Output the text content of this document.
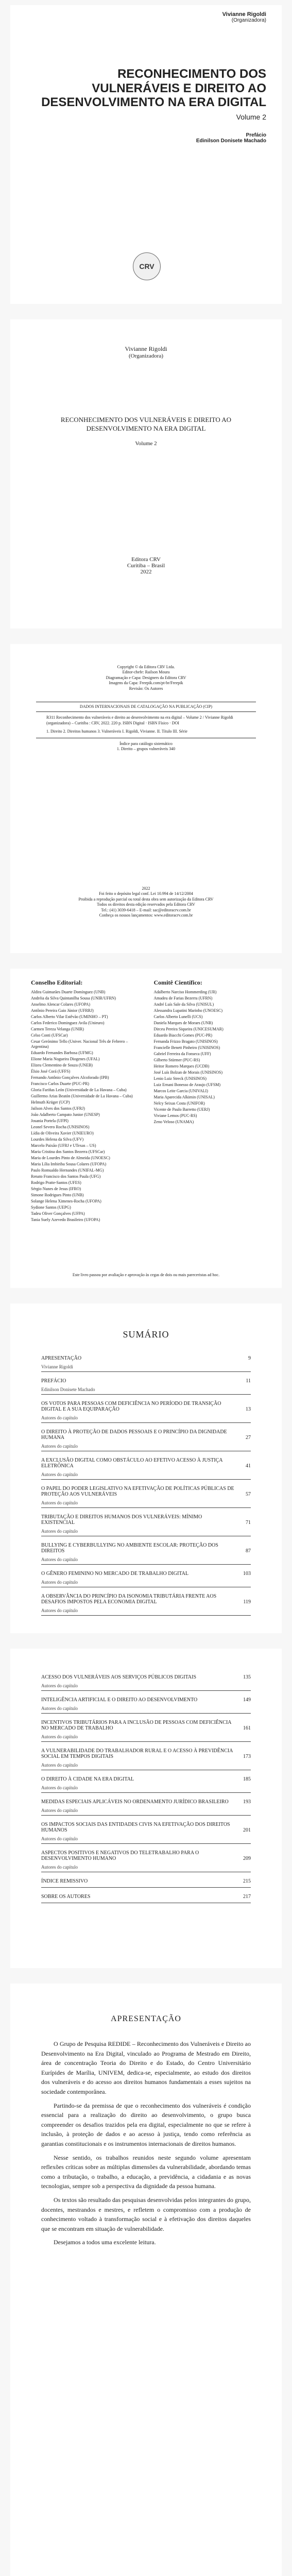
Vivianne Rigoldi
(Organizadora)
RECONHECIMENTO DOS VULNERÁVEIS E DIREITO AO DESENVOLVIMENTO NA ERA DIGITAL
Volume 2
Prefácio
Edinilson Donisete Machado
CRV
Vivianne Rigoldi
(Organizadora)
RECONHECIMENTO DOS VULNERÁVEIS E DIREITO AO DESENVOLVIMENTO NA ERA DIGITAL
Volume 2
Editora CRV
Curitiba – Brasil
2022
Copyright © da Editora CRV Ltda.
Editor-chefe: Railson Moura
Diagramação e Capa: Designers da Editora CRV
Imagens da Capa: Freepik.com/pt-br/Freepik
Revisão: Os Autores
DADOS INTERNACIONAIS DE CATALOGAÇÃO NA PUBLICAÇÃO (CIP)
R311 Reconhecimento dos vulneráveis e direito ao desenvolvimento na era digital – Volume 2 / Vivianne Rigoldi (organizadora) – Curitiba : CRV, 2022. 220 p. ISBN Digital · ISBN Físico · DOI
1. Direito 2. Direitos humanos 3. Vulneráveis I. Rigoldi, Vivianne. II. Título III. Série
Índice para catálogo sistemático
1. Direito – grupos vulneráveis 340
2022
Foi feito o depósito legal conf. Lei 10.994 de 14/12/2004
Proibida a reprodução parcial ou total desta obra sem autorização da Editora CRV
Todos os direitos desta edição reservados pela Editora CRV
Tel.: (41) 3039-6418 – E-mail: sac@editoracrv.com.br
Conheça os nossos lançamentos: www.editoracrv.com.br
Conselho Editorial:
Aldira Guimarães Duarte Domínguez (UNB)
Andréia da Silva Quintanilha Sousa (UNIR/UFRN)
Anselmo Alencar Colares (UFOPA)
Antônio Pereira Gaio Júnior (UFRRJ)
Carlos Alberto Vilar Estêvão (UMINHO – PT)
Carlos Federico Dominguez Avila (Unieuro)
Carmen Tereza Velanga (UNIR)
Celso Conti (UFSCar)
Cesar Gerónimo Tello (Univer. Nacional Três de Febrero – Argentina)
Eduardo Fernandes Barbosa (UFMG)
Elione Maria Nogueira Diogenes (UFAL)
Elizeu Clementino de Souza (UNEB)
Élsio José Corá (UFFS)
Fernando Antônio Gonçalves Alcoforado (IPB)
Francisco Carlos Duarte (PUC-PR)
Gloria Fariñas León (Universidade de La Havana – Cuba)
Guillermo Arias Beatón (Universidade de La Havana – Cuba)
Helmuth Krüger (UCP)
Jailson Alves dos Santos (UFRJ)
João Adalberto Campato Junior (UNESP)
Josania Portela (UFPI)
Leonel Severo Rocha (UNISINOS)
Lídia de Oliveira Xavier (UNIEURO)
Lourdes Helena da Silva (UFV)
Marcelo Paixão (UFRJ e UTexas – US)
Maria Cristina dos Santos Bezerra (UFSCar)
Maria de Lourdes Pinto de Almeida (UNOESC)
Maria Lília Imbiriba Sousa Colares (UFOPA)
Paulo Romualdo Hernandes (UNIFAL-MG)
Renato Francisco dos Santos Paula (UFG)
Rodrigo Pratte-Santos (UFES)
Sérgio Nunes de Jesus (IFRO)
Simone Rodrigues Pinto (UNB)
Solange Helena Ximenes-Rocha (UFOPA)
Sydione Santos (UEPG)
Tadeu Oliver Gonçalves (UFPA)
Tania Suely Azevedo Brasileiro (UFOPA)
Comitê Científico:
Adalberto Narciso Hommerding (UR)
Amadeu de Farias Bezerra (UFRN)
André Luís Sale da Silva (UNISUL)
Alessandra Lupatini Marinho (UNOESC)
Carlos Alberto Lunelli (UCS)
Daniela Marques de Moraes (UNB)
Dirceu Pereira Siqueira (UNICESUMAR)
Eduardo Biacchi Gomes (PUC-PR)
Fernanda Frizzo Bragato (UNISINOS)
Francielle Benett Pinheiro (UNISINOS)
Gabriel Ferreira da Fonseca (UFF)
Gilberto Stürmer (PUC-RS)
Heitor Romero Marques (UCDB)
José Luís Bolzan de Morais (UNISINOS)
Lenio Luiz Streck (UNISINOS)
Luiz Ernani Bonesso de Araujo (UFSM)
Marcos Leite Garcia (UNIVALI)
Maria Aparecida Alkimin (UNISAL)
Nelcy Seixas Costa (UNIFOR)
Vicente de Paulo Barretto (UERJ)
Viviane Lemos (PUC-RS)
Zeno Veloso (UNAMA)
Este livro passou por avaliação e aprovação às cegas de dois ou mais pareceristas ad hoc.
SUMÁRIO
APRESENTAÇÃO	9
Vivianne Rigoldi
PREFÁCIO	11
Edinilson Donisete Machado
OS VOTOS PARA PESSOAS COM DEFICIÊNCIA NO PERÍODO DE TRANSIÇÃO DIGITAL E A SUA EQUIPARAÇÃO	13
Autores do capítulo
O DIREITO À PROTEÇÃO DE DADOS PESSOAIS E O PRINCÍPIO DA DIGNIDADE HUMANA	27
Autores do capítulo
A EXCLUSÃO DIGITAL COMO OBSTÁCULO AO EFETIVO ACESSO À JUSTIÇA ELETRÔNICA	41
Autores do capítulo
O PAPEL DO PODER LEGISLATIVO NA EFETIVAÇÃO DE POLÍTICAS PÚBLICAS DE PROTEÇÃO AOS VULNERÁVEIS	57
Autores do capítulo
TRIBUTAÇÃO E DIREITOS HUMANOS DOS VULNERÁVEIS: MÍNIMO EXISTENCIAL	71
Autores do capítulo
BULLYING E CYBERBULLYING NO AMBIENTE ESCOLAR: PROTEÇÃO DOS DIREITOS	87
Autores do capítulo
O GÊNERO FEMININO NO MERCADO DE TRABALHO DIGITAL	103
Autores do capítulo
A OBSERVÂNCIA DO PRINCÍPIO DA ISONOMIA TRIBUTÁRIA FRENTE AOS DESAFIOS IMPOSTOS PELA ECONOMIA DIGITAL	119
Autores do capítulo
ACESSO DOS VULNERÁVEIS AOS SERVIÇOS PÚBLICOS DIGITAIS	135
Autores do capítulo
INTELIGÊNCIA ARTIFICIAL E O DIREITO AO DESENVOLVIMENTO	149
Autores do capítulo
INCENTIVOS TRIBUTÁRIOS PARA A INCLUSÃO DE PESSOAS COM DEFICIÊNCIA NO MERCADO DE TRABALHO	161
Autores do capítulo
A VULNERABILIDADE DO TRABALHADOR RURAL E O ACESSO À PREVIDÊNCIA SOCIAL EM TEMPOS DIGITAIS	173
Autores do capítulo
O DIREITO À CIDADE NA ERA DIGITAL	185
Autores do capítulo
MEDIDAS ESPECIAIS APLICÁVEIS NO ORDENAMENTO JURÍDICO BRASILEIRO	193
Autores do capítulo
OS IMPACTOS SOCIAIS DAS ENTIDADES CIVIS NA EFETIVAÇÃO DOS DIREITOS HUMANOS	201
Autores do capítulo
ASPECTOS POSITIVOS E NEGATIVOS DO TELETRABALHO PARA O DESENVOLVIMENTO HUMANO	209
Autores do capítulo
ÍNDICE REMISSIVO	215
SOBRE OS AUTORES	217
APRESENTAÇÃO

O Grupo de Pesquisa REDIDE – Reconhecimento dos Vulneráveis e Direito ao Desenvolvimento na Era Digital, vinculado ao Programa de Mestrado em Direito, área de concentração Teoria do Direito e do Estado, do Centro Universitário Eurípides de Marília, UNIVEM, dedica-se, especialmente, ao estudo dos direitos dos vulneráveis e do acesso aos direitos humanos fundamentais a esses sujeitos na sociedade contemporânea.

Partindo-se da premissa de que o reconhecimento dos vulneráveis é condição essencial para a realização do direito ao desenvolvimento, o grupo busca compreender os desafios trazidos pela era digital, especialmente no que se refere à inclusão, à proteção de dados e ao acesso à justiça, tendo como referência as garantias constitucionais e os instrumentos internacionais de direitos humanos.

Nesse sentido, os trabalhos reunidos neste segundo volume apresentam reflexões críticas sobre as múltiplas dimensões da vulnerabilidade, abordando temas como a tributação, o trabalho, a educação, a previdência, a cidadania e as novas tecnologias, sempre sob a perspectiva da dignidade da pessoa humana.

Os textos são resultado das pesquisas desenvolvidas pelos integrantes do grupo, docentes, mestrandos e mestres, e refletem o compromisso com a produção de conhecimento voltado à transformação social e à efetivação dos direitos daqueles que se encontram em situação de vulnerabilidade.

Desejamos a todos uma excelente leitura.
